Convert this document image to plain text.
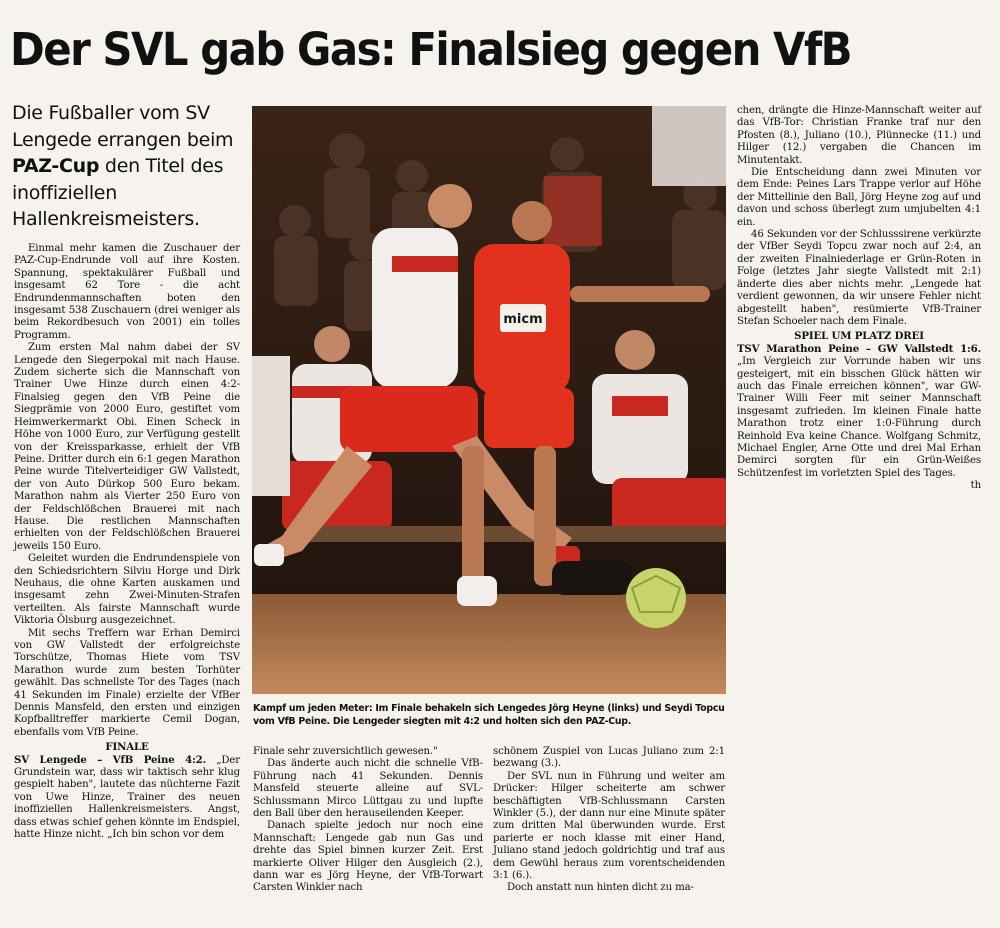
Der SVL gab Gas: Finalsieg gegen VfB
Die Fußballer vom SV Lengede errangen beim PAZ-Cup den Titel des inoffiziellen Hallenkreismeisters.

Einmal mehr kamen die Zuschauer der PAZ-Cup-Endrunde voll auf ihre Kosten. Spannung, spektakulärer Fußball und insgesamt 62 Tore - die acht Endrundenmannschaften boten den insgesamt 538 Zuschauern (drei weniger als beim Rekordbesuch von 2001) ein tolles Programm.

Zum ersten Mal nahm dabei der SV Lengede den Siegerpokal mit nach Hause. Zudem sicherte sich die Mannschaft von Trainer Uwe Hinze durch einen 4:2-Finalsieg gegen den VfB Peine die Siegprämie von 2000 Euro, gestiftet vom Heimwerkermarkt Obi. Einen Scheck in Höhe von 1000 Euro, zur Verfügung gestellt von der Kreissparkasse, erhielt der VfB Peine. Dritter durch ein 6:1 gegen Marathon Peine wurde Titelverteidiger GW Vallstedt, der von Auto Dürkop 500 Euro bekam. Marathon nahm als Vierter 250 Euro von der Feldschlößchen Brauerei mit nach Hause. Die restlichen Mannschaften erhielten von der Feldschlößchen Brauerei jeweils 150 Euro.

Geleitet wurden die Endrundenspiele von den Schiedsrichtern Silviu Horge und Dirk Neuhaus, die ohne Karten auskamen und insgesamt zehn Zwei-Minuten-Strafen verteilten. Als fairste Mannschaft wurde Viktoria Ölsburg ausgezeichnet.

Mit sechs Treffern war Erhan Demirci von GW Vallstedt der erfolgreichste Torschütze, Thomas Hiete vom TSV Marathon wurde zum besten Torhüter gewählt. Das schnellste Tor des Tages (nach 41 Sekunden im Finale) erzielte der VfBer Dennis Mansfeld, den ersten und einzigen Kopfballtreffer markierte Cemil Dogan, ebenfalls vom VfB Peine.

FINALE

SV Lengede – VfB Peine 4:2. „Der Grundstein war, dass wir taktisch sehr klug gespielt haben", lautete das nüchterne Fazit von Uwe Hinze, Trainer des neuen inoffiziellen Hallenkreismeisters. Angst, dass etwas schief gehen könnte im Endspiel, hatte Hinze nicht. „Ich bin schon vor dem

micm
Kampf um jeden Meter: Im Finale behakeln sich Lengedes Jörg Heyne (links) und Seydi Topcu vom VfB Peine. Die Lengeder siegten mit 4:2 und holten sich den PAZ-Cup.

Finale sehr zuversichtlich gewesen."

Das änderte auch nicht die schnelle VfB-Führung nach 41 Sekunden. Dennis Mansfeld steuerte alleine auf SVL-Schlussmann Mirco Lüttgau zu und lupfte den Ball über den herauseilenden Keeper.

Danach spielte jedoch nur noch eine Mannschaft: Lengede gab nun Gas und drehte das Spiel binnen kurzer Zeit. Erst markierte Oliver Hilger den Ausgleich (2.), dann war es Jörg Heyne, der VfB-Torwart Carsten Winkler nach

schönem Zuspiel von Lucas Juliano zum 2:1 bezwang (3.).

Der SVL nun in Führung und weiter am Drücker: Hilger scheiterte am schwer beschäftigten VfB-Schlussmann Carsten Winkler (5.), der dann nur eine Minute später zum dritten Mal überwunden wurde. Erst parierte er noch klasse mit einer Hand, Juliano stand jedoch goldrichtig und traf aus dem Gewühl heraus zum vorentscheidenden 3:1 (6.).

Doch anstatt nun hinten dicht zu ma-

chen, drängte die Hinze-Mannschaft weiter auf das VfB-Tor: Christian Franke traf nur den Pfosten (8.), Juliano (10.), Plünnecke (11.) und Hilger (12.) vergaben die Chancen im Minutentakt.

Die Entscheidung dann zwei Minuten vor dem Ende: Peines Lars Trappe verlor auf Höhe der Mittellinie den Ball, Jörg Heyne zog auf und davon und schoss überlegt zum umjubelten 4:1 ein.

46 Sekunden vor der Schlusssirene verkürzte der VfBer Seydi Topcu zwar noch auf 2:4, an der zweiten Finalniederlage er Grün-Roten in Folge (letztes Jahr siegte Vallstedt mit 2:1) änderte dies aber nichts mehr. „Lengede hat verdient gewonnen, da wir unsere Fehler nicht abgestellt haben", resümierte VfB-Trainer Stefan Schoeler nach dem Finale.

SPIEL UM PLATZ DREI

TSV Marathon Peine – GW Vallstedt 1:6. „Im Vergleich zur Vorrunde haben wir uns gesteigert, mit ein bisschen Glück hätten wir auch das Finale erreichen können", war GW-Trainer Willi Feer mit seiner Mannschaft insgesamt zufrieden. Im kleinen Finale hatte Marathon trotz einer 1:0-Führung durch Reinhold Eva keine Chance. Wolfgang Schmitz, Michael Engler, Arne Otte und drei Mal Erhan Demirci sorgten für ein Grün-Weißes Schützenfest im vorletzten Spiel des Tages.

th
